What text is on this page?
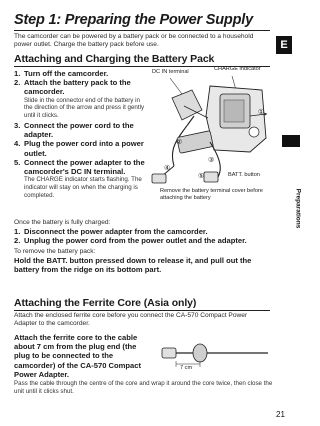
Step 1: Preparing the Power Supply
The camcorder can be powered by a battery pack or be connected to a household power outlet. Charge the battery pack before use.	E
Attaching and Charging the Battery Pack
1. Turn off the camcorder.
2. Attach the battery pack to the camcorder.
Slide in the connector end of the battery in the direction of the arrow and press it gently until it clicks.
3. Connect the power cord to the adapter.
4. Plug the power cord into a power outlet.
5. Connect the power adapter to the camcorder's DC IN terminal.
The CHARGE indicator starts flashing. The indicator will stay on when the charging is completed.
DC IN terminal	CHARGE indicator
①
②
③
④
⑤	BATT. button
Remove the battery terminal cover before attaching the battery
Once the battery is fully charged:
1. Disconnect the power adapter from the camcorder.
2. Unplug the power cord from the power outlet and the adapter.
To remove the battery pack:
Hold the BATT. button pressed down to release it, and pull out the battery from the ridge on its bottom part.
Attaching the Ferrite Core (Asia only)
Attach the enclosed ferrite core before you connect the CA-570 Compact Power Adapter to the camcorder.
Attach the ferrite core to the cable about 7 cm from the plug end (the plug to be connected to the camcorder) of the CA-570 Compact Power Adapter.
7 cm
Pass the cable through the centre of the core and wrap it around the core twice, then close the unit until it clicks shut.
Preparations
21
